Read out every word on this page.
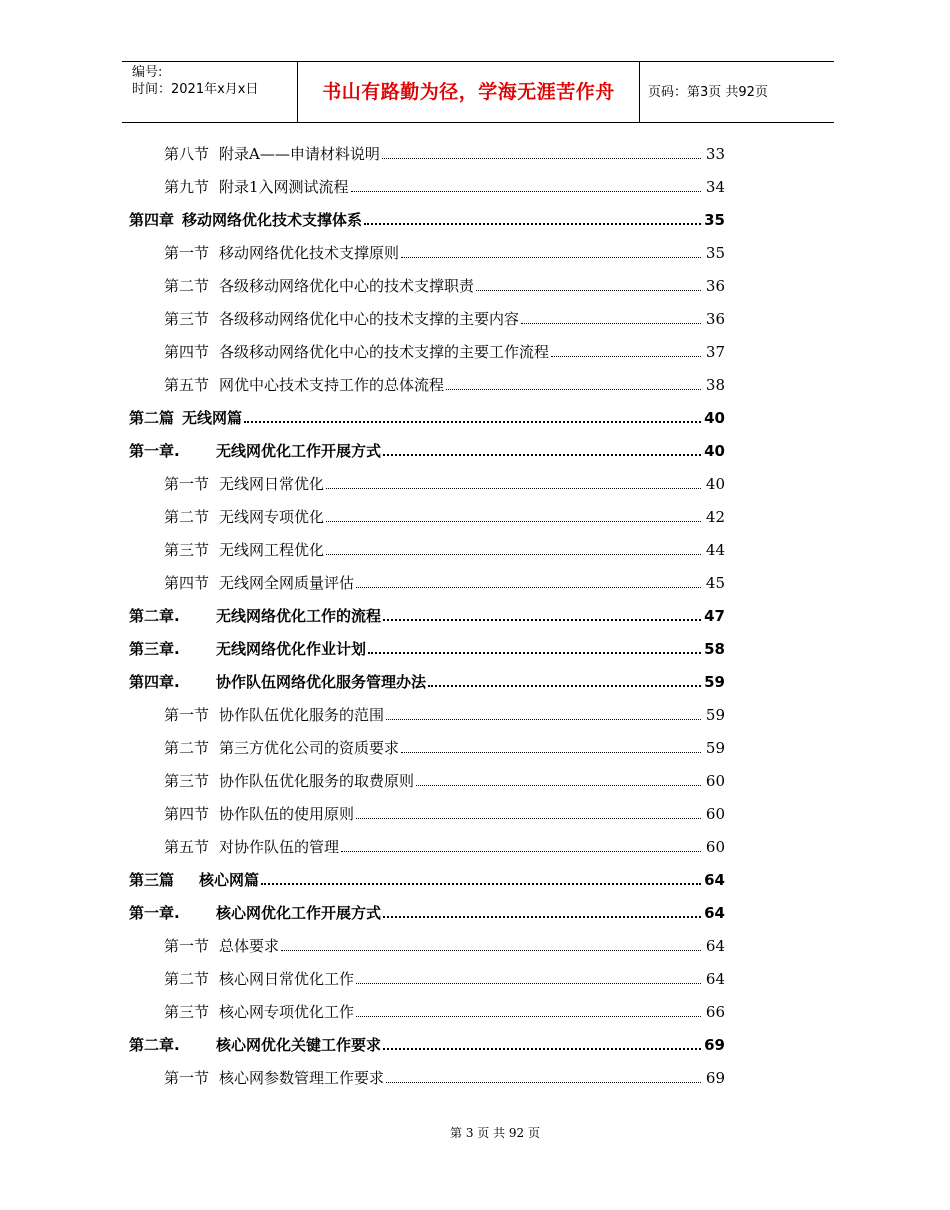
编号:
时间：2021年x月x日	书山有路勤为径，学海无涯苦作舟	页码：第3页 共92页
第八节 附录A——申请材料说明	33
第九节 附录1入网测试流程	34
第四章 移动网络优化技术支撑体系	35
第一节 移动网络优化技术支撑原则	35
第二节 各级移动网络优化中心的技术支撑职责	36
第三节 各级移动网络优化中心的技术支撑的主要内容	36
第四节 各级移动网络优化中心的技术支撑的主要工作流程	37
第五节 网优中心技术支持工作的总体流程	38
第二篇 无线网篇	40
第一章. 无线网优化工作开展方式	40
第一节 无线网日常优化	40
第二节 无线网专项优化	42
第三节 无线网工程优化	44
第四节 无线网全网质量评估	45
第二章. 无线网络优化工作的流程	47
第三章. 无线网络优化作业计划	58
第四章. 协作队伍网络优化服务管理办法	59
第一节 协作队伍优化服务的范围	59
第二节 第三方优化公司的资质要求	59
第三节 协作队伍优化服务的取费原则	60
第四节 协作队伍的使用原则	60
第五节 对协作队伍的管理	60
第三篇 核心网篇	64
第一章. 核心网优化工作开展方式	64
第一节 总体要求	64
第二节 核心网日常优化工作	64
第三节 核心网专项优化工作	66
第二章. 核心网优化关键工作要求	69
第一节 核心网参数管理工作要求	69
第 3 页 共 92 页
